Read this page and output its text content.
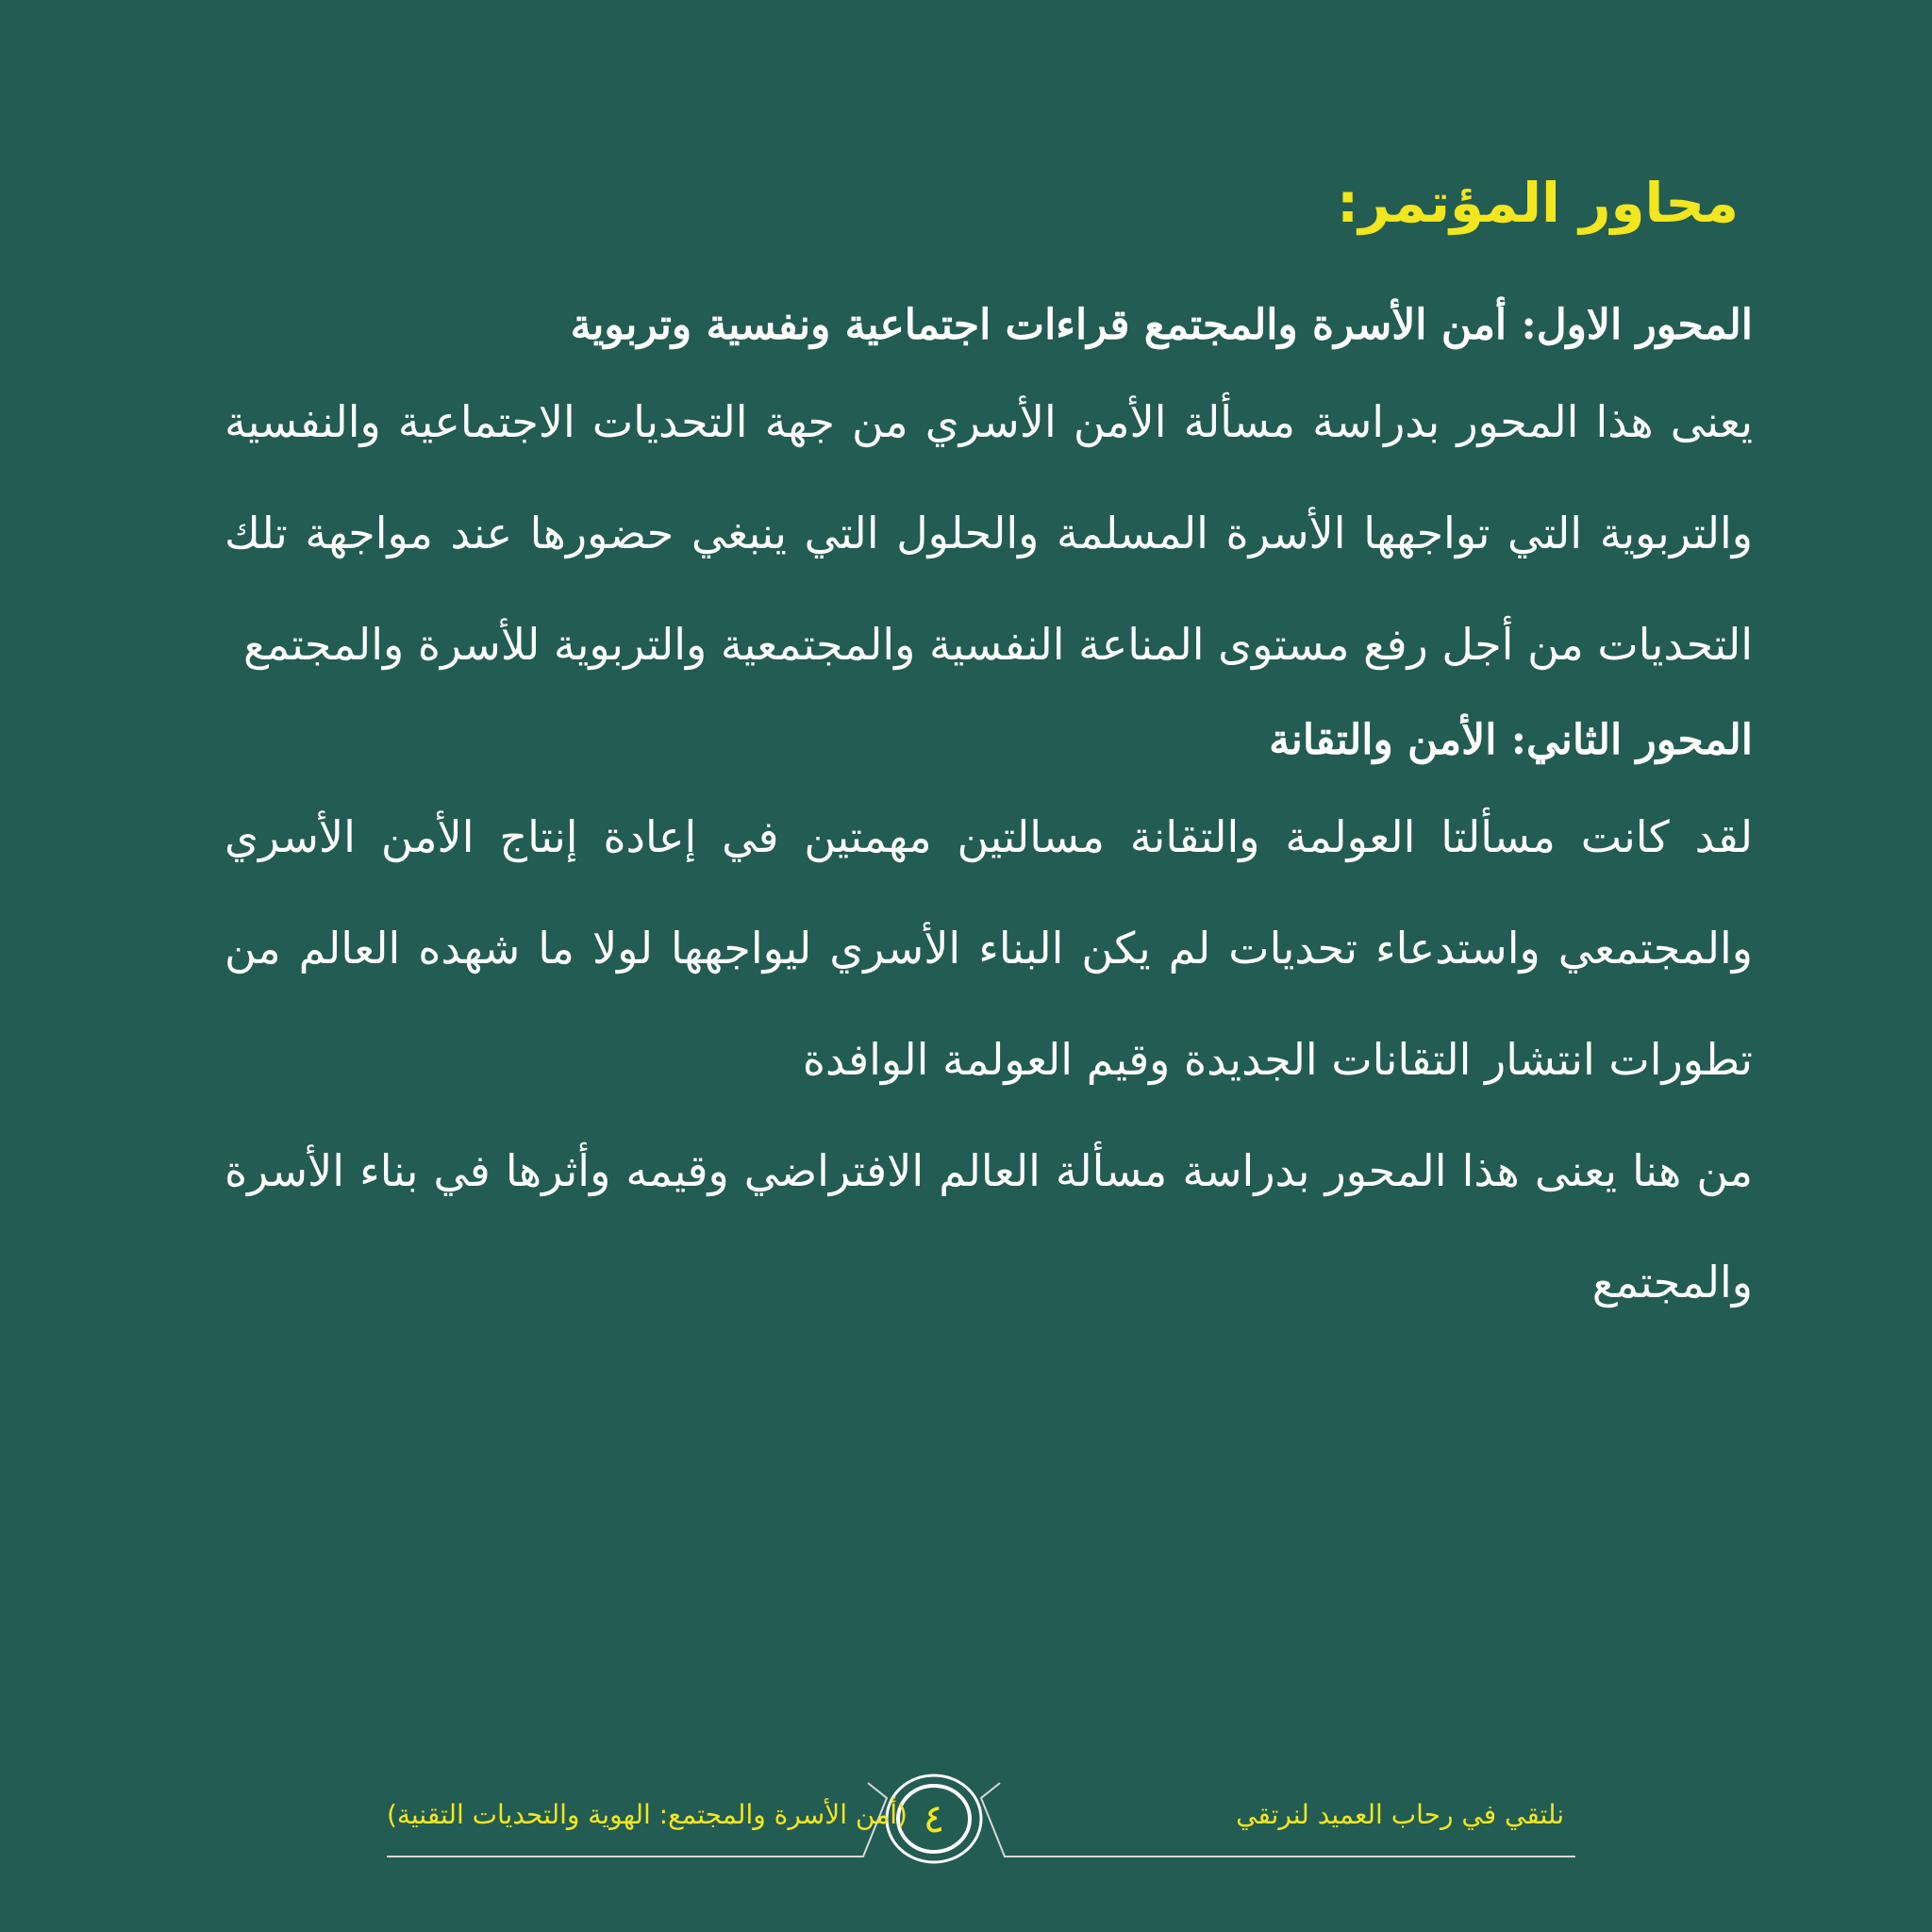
محاور المؤتمر:
المحور الاول: أمن الأسرة والمجتمع قراءات اجتماعية ونفسية وتربوية

يعنى هذا المحور بدراسة مسألة الأمن الأسري من جهة التحديات الاجتماعية والنفسية والتربوية التي تواجهها الأسرة المسلمة والحلول التي ينبغي حضورها عند مواجهة تلك التحديات من أجل رفع مستوى المناعة النفسية والمجتمعية والتربوية للأسرة والمجتمع

المحور الثاني: الأمن والتقانة

لقد كانت مسألتا العولمة والتقانة مسالتين مهمتين في إعادة إنتاج الأمن الأسري والمجتمعي واستدعاء تحديات لم يكن البناء الأسري ليواجهها لولا ما شهده العالم من تطورات انتشار التقانات الجديدة وقيم العولمة الوافدة

من هنا يعنى هذا المحور بدراسة مسألة العالم الافتراضي وقيمه وأثرها في بناء الأسرة والمجتمع

نلتقي في رحاب العميد لنرتقي

٤

(أمن الأسرة والمجتمع: الهوية والتحديات التقنية)
